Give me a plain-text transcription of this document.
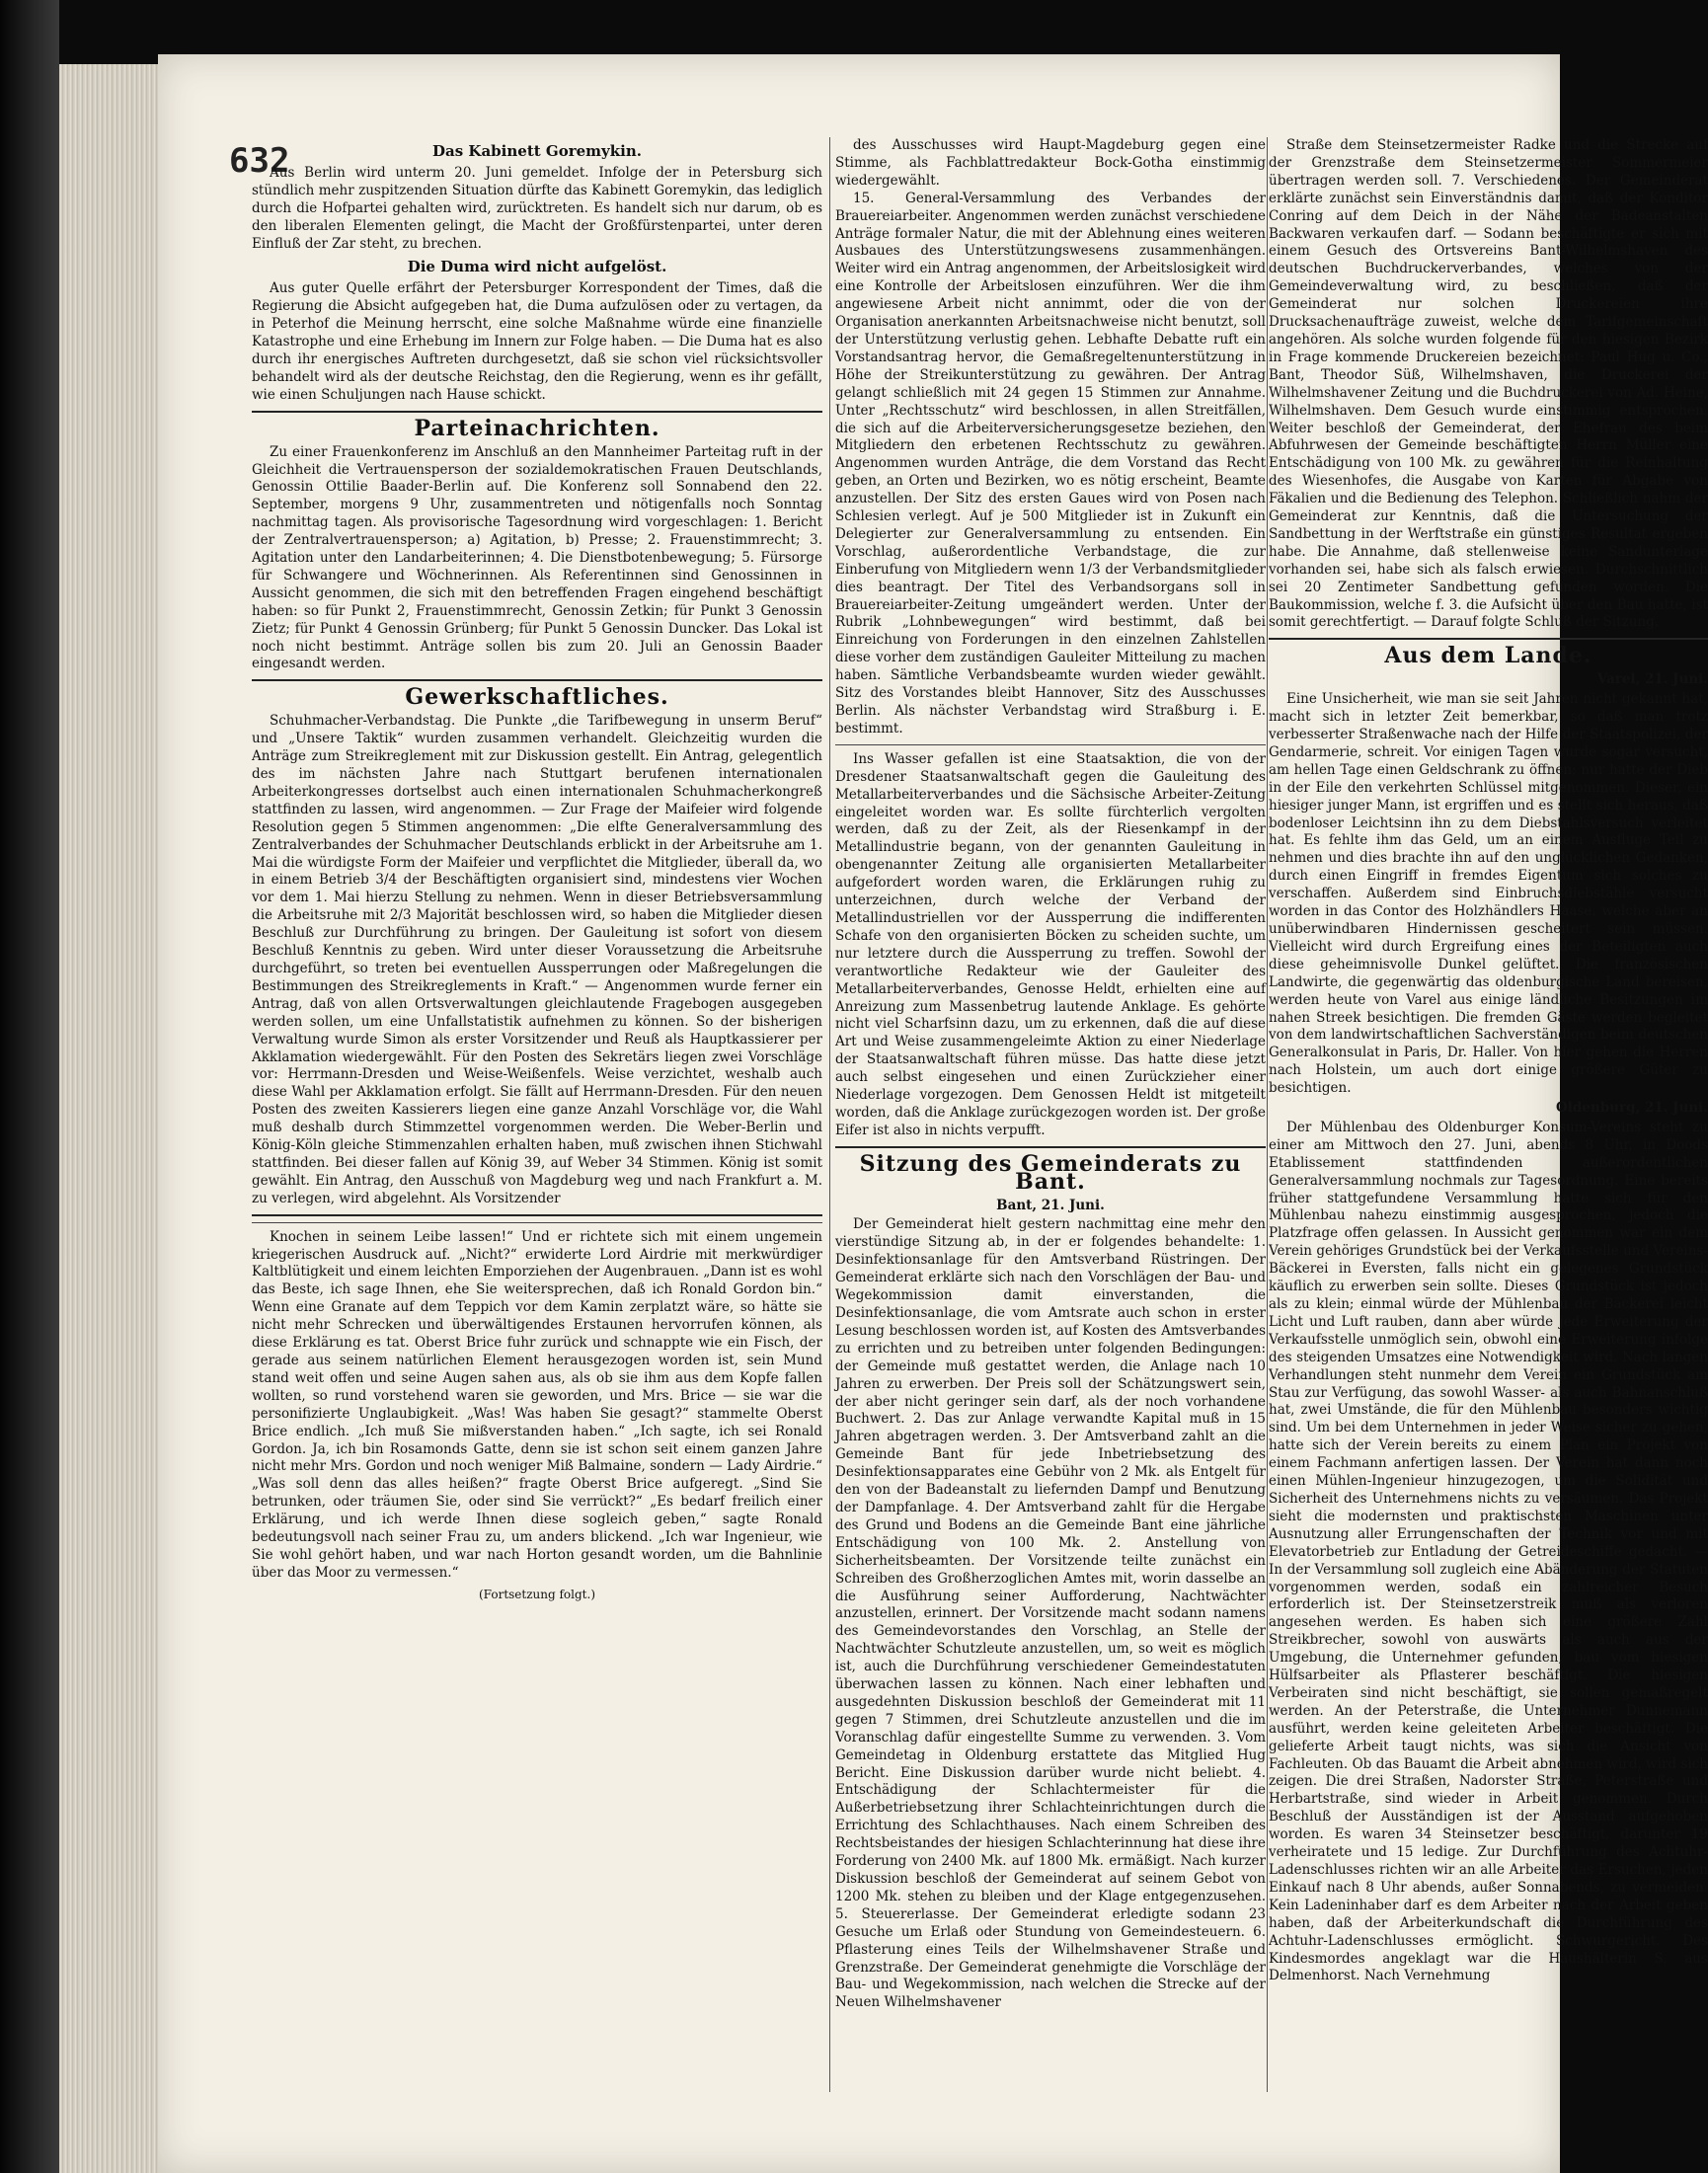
632	Das Kabinett Goremykin.

Aus Berlin wird unterm 20. Juni gemeldet. Infolge der in Petersburg sich stündlich mehr zuspitzenden Situation dürfte das Kabinett Goremykin, das lediglich durch die Hofpartei gehalten wird, zurücktreten. Es handelt sich nur darum, ob es den liberalen Elementen gelingt, die Macht der Großfürstenpartei, unter deren Einfluß der Zar steht, zu brechen.

Die Duma wird nicht aufgelöst.

Aus guter Quelle erfährt der Petersburger Korrespondent der Times, daß die Regierung die Absicht aufgegeben hat, die Duma aufzulösen oder zu vertagen, da in Peterhof die Meinung herrscht, eine solche Maßnahme würde eine finanzielle Katastrophe und eine Erhebung im Innern zur Folge haben. — Die Duma hat es also durch ihr energisches Auftreten durchgesetzt, daß sie schon viel rücksichtsvoller behandelt wird als der deutsche Reichstag, den die Regierung, wenn es ihr gefällt, wie einen Schuljungen nach Hause schickt.

Parteinachrichten.

Zu einer Frauenkonferenz im Anschluß an den Mannheimer Parteitag ruft in der Gleichheit die Vertrauensperson der sozialdemokratischen Frauen Deutschlands, Genossin Ottilie Baader-Berlin auf. Die Konferenz soll Sonnabend den 22. September, morgens 9 Uhr, zusammentreten und nötigenfalls noch Sonntag nachmittag tagen. Als provisorische Tagesordnung wird vorgeschlagen: 1. Bericht der Zentralvertrauensperson; a) Agitation, b) Presse; 2. Frauenstimmrecht; 3. Agitation unter den Landarbeiterinnen; 4. Die Dienstbotenbewegung; 5. Fürsorge für Schwangere und Wöchnerinnen. Als Referentinnen sind Genossinnen in Aussicht genommen, die sich mit den betreffenden Fragen eingehend beschäftigt haben: so für Punkt 2, Frauenstimmrecht, Genossin Zetkin; für Punkt 3 Genossin Zietz; für Punkt 4 Genossin Grünberg; für Punkt 5 Genossin Duncker. Das Lokal ist noch nicht bestimmt. Anträge sollen bis zum 20. Juli an Genossin Baader eingesandt werden.

Gewerkschaftliches.

Schuhmacher-Verbandstag. Die Punkte „die Tarifbewegung in unserm Beruf“ und „Unsere Taktik“ wurden zusammen verhandelt. Gleichzeitig wurden die Anträge zum Streikreglement mit zur Diskussion gestellt. Ein Antrag, gelegentlich des im nächsten Jahre nach Stuttgart berufenen internationalen Arbeiterkongresses dortselbst auch einen internationalen Schuhmacherkongreß stattfinden zu lassen, wird angenommen. — Zur Frage der Maifeier wird folgende Resolution gegen 5 Stimmen angenommen: „Die elfte Generalversammlung des Zentralverbandes der Schuhmacher Deutschlands erblickt in der Arbeitsruhe am 1. Mai die würdigste Form der Maifeier und verpflichtet die Mitglieder, überall da, wo in einem Betrieb 3/4 der Beschäftigten organisiert sind, mindestens vier Wochen vor dem 1. Mai hierzu Stellung zu nehmen. Wenn in dieser Betriebsversammlung die Arbeitsruhe mit 2/3 Majorität beschlossen wird, so haben die Mitglieder diesen Beschluß zur Durchführung zu bringen. Der Gauleitung ist sofort von diesem Beschluß Kenntnis zu geben. Wird unter dieser Voraussetzung die Arbeitsruhe durchgeführt, so treten bei eventuellen Aussperrungen oder Maßregelungen die Bestimmungen des Streikreglements in Kraft.“ — Angenommen wurde ferner ein Antrag, daß von allen Ortsverwaltungen gleichlautende Fragebogen ausgegeben werden sollen, um eine Unfallstatistik aufnehmen zu können. So der bisherigen Verwaltung wurde Simon als erster Vorsitzender und Reuß als Hauptkassierer per Akklamation wiedergewählt. Für den Posten des Sekretärs liegen zwei Vorschläge vor: Herrmann-Dresden und Weise-Weißenfels. Weise verzichtet, weshalb auch diese Wahl per Akklamation erfolgt. Sie fällt auf Herrmann-Dresden. Für den neuen Posten des zweiten Kassierers liegen eine ganze Anzahl Vorschläge vor, die Wahl muß deshalb durch Stimmzettel vorgenommen werden. Die Weber-Berlin und König-Köln gleiche Stimmenzahlen erhalten haben, muß zwischen ihnen Stichwahl stattfinden. Bei dieser fallen auf König 39, auf Weber 34 Stimmen. König ist somit gewählt. Ein Antrag, den Ausschuß von Magdeburg weg und nach Frankfurt a. M. zu verlegen, wird abgelehnt. Als Vorsitzender

Knochen in seinem Leibe lassen!“ Und er richtete sich mit einem ungemein kriegerischen Ausdruck auf. „Nicht?“ erwiderte Lord Airdrie mit merkwürdiger Kaltblütigkeit und einem leichten Emporziehen der Augenbrauen. „Dann ist es wohl das Beste, ich sage Ihnen, ehe Sie weitersprechen, daß ich Ronald Gordon bin.“ Wenn eine Granate auf dem Teppich vor dem Kamin zerplatzt wäre, so hätte sie nicht mehr Schrecken und überwältigendes Erstaunen hervorrufen können, als diese Erklärung es tat. Oberst Brice fuhr zurück und schnappte wie ein Fisch, der gerade aus seinem natürlichen Element herausgezogen worden ist, sein Mund stand weit offen und seine Augen sahen aus, als ob sie ihm aus dem Kopfe fallen wollten, so rund vorstehend waren sie geworden, und Mrs. Brice — sie war die personifizierte Unglaubigkeit. „Was! Was haben Sie gesagt?“ stammelte Oberst Brice endlich. „Ich muß Sie mißverstanden haben.“ „Ich sagte, ich sei Ronald Gordon. Ja, ich bin Rosamonds Gatte, denn sie ist schon seit einem ganzen Jahre nicht mehr Mrs. Gordon und noch weniger Miß Balmaine, sondern — Lady Airdrie.“ „Was soll denn das alles heißen?“ fragte Oberst Brice aufgeregt. „Sind Sie betrunken, oder träumen Sie, oder sind Sie verrückt?“ „Es bedarf freilich einer Erklärung, und ich werde Ihnen diese sogleich geben,“ sagte Ronald bedeutungsvoll nach seiner Frau zu, um anders blickend. „Ich war Ingenieur, wie Sie wohl gehört haben, und war nach Horton gesandt worden, um die Bahnlinie über das Moor zu vermessen.“

(Fortsetzung folgt.)

des Ausschusses wird Haupt-Magdeburg gegen eine Stimme, als Fachblattredakteur Bock-Gotha einstimmig wiedergewählt.

15. General-Versammlung des Verbandes der Brauereiarbeiter. Angenommen werden zunächst verschiedene Anträge formaler Natur, die mit der Ablehnung eines weiteren Ausbaues des Unterstützungswesens zusammenhängen. Weiter wird ein Antrag angenommen, der Arbeitslosigkeit wird eine Kontrolle der Arbeitslosen einzuführen. Wer die ihm angewiesene Arbeit nicht annimmt, oder die von der Organisation anerkannten Arbeitsnachweise nicht benutzt, soll der Unterstützung verlustig gehen. Lebhafte Debatte ruft ein Vorstandsantrag hervor, die Gemaßregeltenunterstützung in Höhe der Streikunterstützung zu gewähren. Der Antrag gelangt schließlich mit 24 gegen 15 Stimmen zur Annahme. Unter „Rechtsschutz“ wird beschlossen, in allen Streitfällen, die sich auf die Arbeiterversicherungsgesetze beziehen, den Mitgliedern den erbetenen Rechtsschutz zu gewähren. Angenommen wurden Anträge, die dem Vorstand das Recht geben, an Orten und Bezirken, wo es nötig erscheint, Beamte anzustellen. Der Sitz des ersten Gaues wird von Posen nach Schlesien verlegt. Auf je 500 Mitglieder ist in Zukunft ein Delegierter zur Generalversammlung zu entsenden. Ein Vorschlag, außerordentliche Verbandstage, die zur Einberufung von Mitgliedern wenn 1/3 der Verbandsmitglieder dies beantragt. Der Titel des Verbandsorgans soll in Brauereiarbeiter-Zeitung umgeändert werden. Unter der Rubrik „Lohnbewegungen“ wird bestimmt, daß bei Einreichung von Forderungen in den einzelnen Zahlstellen diese vorher dem zuständigen Gauleiter Mitteilung zu machen haben. Sämtliche Verbandsbeamte wurden wieder gewählt. Sitz des Vorstandes bleibt Hannover, Sitz des Ausschusses Berlin. Als nächster Verbandstag wird Straßburg i. E. bestimmt.

Ins Wasser gefallen ist eine Staatsaktion, die von der Dresdener Staatsanwaltschaft gegen die Gauleitung des Metallarbeiterverbandes und die Sächsische Arbeiter-Zeitung eingeleitet worden war. Es sollte fürchterlich vergolten werden, daß zu der Zeit, als der Riesenkampf in der Metallindustrie begann, von der genannten Gauleitung in obengenannter Zeitung alle organisierten Metallarbeiter aufgefordert worden waren, die Erklärungen ruhig zu unterzeichnen, durch welche der Verband der Metallindustriellen vor der Aussperrung die indifferenten Schafe von den organisierten Böcken zu scheiden suchte, um nur letztere durch die Aussperrung zu treffen. Sowohl der verantwortliche Redakteur wie der Gauleiter des Metallarbeiterverbandes, Genosse Heldt, erhielten eine auf Anreizung zum Massenbetrug lautende Anklage. Es gehörte nicht viel Scharfsinn dazu, um zu erkennen, daß die auf diese Art und Weise zusammengeleimte Aktion zu einer Niederlage der Staatsanwaltschaft führen müsse. Das hatte diese jetzt auch selbst eingesehen und einen Zurückzieher einer Niederlage vorgezogen. Dem Genossen Heldt ist mitgeteilt worden, daß die Anklage zurückgezogen worden ist. Der große Eifer ist also in nichts verpufft.

Sitzung des Gemeinderats zu Bant.
Bant, 21. Juni.

Der Gemeinderat hielt gestern nachmittag eine mehr den vierstündige Sitzung ab, in der er folgendes behandelte: 1. Desinfektionsanlage für den Amtsverband Rüstringen. Der Gemeinderat erklärte sich nach den Vorschlägen der Bau- und Wegekommission damit einverstanden, die Desinfektionsanlage, die vom Amtsrate auch schon in erster Lesung beschlossen worden ist, auf Kosten des Amtsverbandes zu errichten und zu betreiben unter folgenden Bedingungen: der Gemeinde muß gestattet werden, die Anlage nach 10 Jahren zu erwerben. Der Preis soll der Schätzungswert sein, der aber nicht geringer sein darf, als der noch vorhandene Buchwert. 2. Das zur Anlage verwandte Kapital muß in 15 Jahren abgetragen werden. 3. Der Amtsverband zahlt an die Gemeinde Bant für jede Inbetriebsetzung des Desinfektionsapparates eine Gebühr von 2 Mk. als Entgelt für den von der Badeanstalt zu liefernden Dampf und Benutzung der Dampfanlage. 4. Der Amtsverband zahlt für die Hergabe des Grund und Bodens an die Gemeinde Bant eine jährliche Entschädigung von 100 Mk. 2. Anstellung von Sicherheitsbeamten. Der Vorsitzende teilte zunächst ein Schreiben des Großherzoglichen Amtes mit, worin dasselbe an die Ausführung seiner Aufforderung, Nachtwächter anzustellen, erinnert. Der Vorsitzende macht sodann namens des Gemeindevorstandes den Vorschlag, an Stelle der Nachtwächter Schutzleute anzustellen, um, so weit es möglich ist, auch die Durchführung verschiedener Gemeindestatuten überwachen lassen zu können. Nach einer lebhaften und ausgedehnten Diskussion beschloß der Gemeinderat mit 11 gegen 7 Stimmen, drei Schutzleute anzustellen und die im Voranschlag dafür eingestellte Summe zu verwenden. 3. Vom Gemeindetag in Oldenburg erstattete das Mitglied Hug Bericht. Eine Diskussion darüber wurde nicht beliebt. 4. Entschädigung der Schlachtermeister für die Außerbetriebsetzung ihrer Schlachteinrichtungen durch die Errichtung des Schlachthauses. Nach einem Schreiben des Rechtsbeistandes der hiesigen Schlachterinnung hat diese ihre Forderung von 2400 Mk. auf 1800 Mk. ermäßigt. Nach kurzer Diskussion beschloß der Gemeinderat auf seinem Gebot von 1200 Mk. stehen zu bleiben und der Klage entgegenzusehen. 5. Steuererlasse. Der Gemeinderat erledigte sodann 23 Gesuche um Erlaß oder Stundung von Gemeindesteuern. 6. Pflasterung eines Teils der Wilhelmshavener Straße und Grenzstraße. Der Gemeinderat genehmigte die Vorschläge der Bau- und Wegekommission, nach welchen die Strecke auf der Neuen Wilhelmshavener

Straße dem Steinsetzermeister Radke und die Strecke auf der Grenzstraße dem Steinsetzermeister Sommermeier übertragen werden soll. 7. Verschiedenes. Der Gemeinderat erklärte zunächst sein Einverständnis damit, daß der Konditor Conring auf dem Deich in der Nähe der Badeanstalten Backwaren verkaufen darf. — Sodann beschäftigte er sich mit einem Gesuch des Ortsvereins Bant-Wilhelmshaven des deutschen Buchdruckerverbandes, welches von der Gemeindeverwaltung wird, zu beschließen, daß der Gemeinderat nur solchen Druckereien ihre Drucksachenaufträge zuweist, welche dem Tarifgemeinschaft angehören. Als solche wurden folgende für den hiesigen Bezirk in Frage kommende Druckereien bezeichnet: Paul Hug u. Co., Bant, Theodor Süß, Wilhelmshaven, die Druckerei der Wilhelmshavener Zeitung und die Buchdruckerei von Ad. Heine, Wilhelmshaven. Dem Gesuch wurde einstimmig entsprochen. Weiter beschloß der Gemeinderat, der Ehefrau des beim Abfuhrwesen der Gemeinde beschäftigten Herrn Müller eine Entschädigung von 100 Mk. zu gewähren für die Reinhaltung des Wiesenhofes, die Ausgabe von Karten für Abgabe von Fäkalien und die Bedienung des Telephon. Schließlich nahm der Gemeinderat zur Kenntnis, daß die Untersuchung der Sandbettung in der Werftstraße ein günstiges Resultat ergeben habe. Die Annahme, daß stellenweise keine Sandunterlage vorhanden sei, habe sich als falsch erwiesen. Durchschnittlich sei 20 Zentimeter Sandbettung gefunden worden. Die Baukommission, welche f. 3. die Aufsicht über den Bau hatte, ist somit gerechtfertigt. — Darauf folgte Schluß der Sitzung.

Aus dem Lande.
Varel, 21. Juni.

Eine Unsicherheit, wie man sie seit Jahren nicht gekannt hat, macht sich in letzter Zeit bemerkbar, so daß man trotz verbesserter Straßenwache nach der Hilfe der Staatspolizei, der Gendarmerie, schreit. Vor einigen Tagen wurde sogar versucht, am hellen Tage einen Geldschrank zu öffnen; nur hatte der Dieb in der Eile den verkehrten Schlüssel mitgenommen. Dieser, ein hiesiger junger Mann, ist ergriffen und es stellt sich heraus, daß bodenloser Leichtsinn ihn zu dem Diebstahlsversuch verleitet hat. Es fehlte ihm das Geld, um an einem Ausfluge Teil zu nehmen und dies brachte ihn auf den unglücklichen Gedanken, durch einen Eingriff in fremdes Eigentum sich solches zu verschaffen. Außerdem sind Einbruchsdiebstähle versucht worden in das Contor des Holzhändlers Haase, welche aber an unüberwindbaren Hindernissen gescheitert sein müssen. Vielleicht wird durch Ergreifung eines der Beteiligten auch diese geheimnisvolle Dunkel gelüftet. Die französischen Landwirte, die gegenwärtig das oldenburgische Land bereisen, werden heute von Varel aus einige ländliche Besitzungen im nahen Streek besichtigen. Die fremden Gäste werden begleitet von dem landwirtschaftlichen Sachverständigen beim deutschen Generalkonsulat in Paris, Dr. Haller. Von hier gehen die Herren nach Holstein, um auch dort einige größere Güter zu besichtigen.

Oldenburg, 21. Juni.

Der Mühlenbau des Oldenburger Konsum-Vereins steht zu einer am Mittwoch den 27. Juni, abends 8 Uhr, in Doods Etablissement stattfindenden außerordentlichen Generalversammlung nochmals zur Tagesordnung. Eine bereits früher stattgefundene Versammlung hatte sich für den Mühlenbau nahezu einstimmig ausgesprochen, jedoch die Platzfrage offen gelassen. In Aussicht genommen war ein dem Verein gehöriges Grundstück bei der Verkaufsstelle und Vereins-Bäckerei in Eversten, falls nicht ein gelegenes Grundstück käuflich zu erwerben sein sollte. Dieses Grundstück ist jedoch als zu klein; einmal würde der Mühlenbau der Bäckerei leicht Licht und Luft rauben, dann aber würde jede Erweiterung der Verkaufsstelle unmöglich sein, obwohl eine Erweiterung infolge des steigenden Umsatzes eine Notwendigkeit wird. Nach langen Verhandlungen steht nunmehr dem Verein ein Grundstück am Stau zur Verfügung, das sowohl Wasser- als auch Bahnanschluß hat, zwei Umstände, die für den Mühlenbau besonders wichtig sind. Um bei dem Unternehmen in jeder Weise sicher zu gehen, hatte sich der Verein bereits zu einem Plan ein Projekt von einem Fachmann anfertigen lassen. Der Verein hat dann noch einen Mühlen-Ingenieur hinzugezogen, um die Solidität und Sicherheit des Unternehmens nichts zu versäumen. Das Projekt sieht die modernsten und praktischsten Maschinen unter Ausnutzung aller Errungenschaften der Technik vor und mit Elevatorbetrieb zur Entladung der Getreideschiffe gedacht. — In der Versammlung soll zugleich eine Abänderung der Statuten vorgenommen werden, sodaß ein zahlreicher Besuch erforderlich ist. Der Steinsetzerstreik muß als verloren angesehen werden. Es haben sich eine größere Zahl Streikbrecher, sowohl von auswärts als auch aus der Umgebung, die Unternehmer gefunden, bau vom hiesigen Hülfsarbeiter als Pflasterer beschäftigt. Die hiesigen Verbeiraten sind nicht beschäftigt, sie sollen gemaßregelt werden. An der Peterstraße, die Unternehmer Dunnemann ausführt, werden keine geleiteten Arbeiter beschäftigt. Die gelieferte Arbeit taugt nichts, was sich die Ansicht von Fachleuten. Ob das Bauamt die Arbeit abnehmen wird, wird sich zeigen. Die drei Straßen, Nadorster Straße, Peterstraße und Herbartstraße, sind wieder in Arbeit genommen. Durch Beschluß der Ausständigen ist der Ausstand aufgehoben worden. Es waren 34 Steinsetzer beschäftigt, darunter 19 verheiratete und 15 ledige. Zur Durchführung des Achtuhr-Ladenschlusses richten wir an alle Arbeiter das Ersuchen, jeden Einkauf nach 8 Uhr abends, außer Sonnabends, zu vermeiden. Kein Ladeninhaber darf es dem Arbeiter nach der Arbeit geben haben, daß der Arbeiterkundschaft die Durchführung des Achtuhr-Ladenschlusses ermöglicht. Schwurgericht. Des Kindesmordes angeklagt war die Haushälterin S. aus Delmenhorst. Nach Vernehmung
